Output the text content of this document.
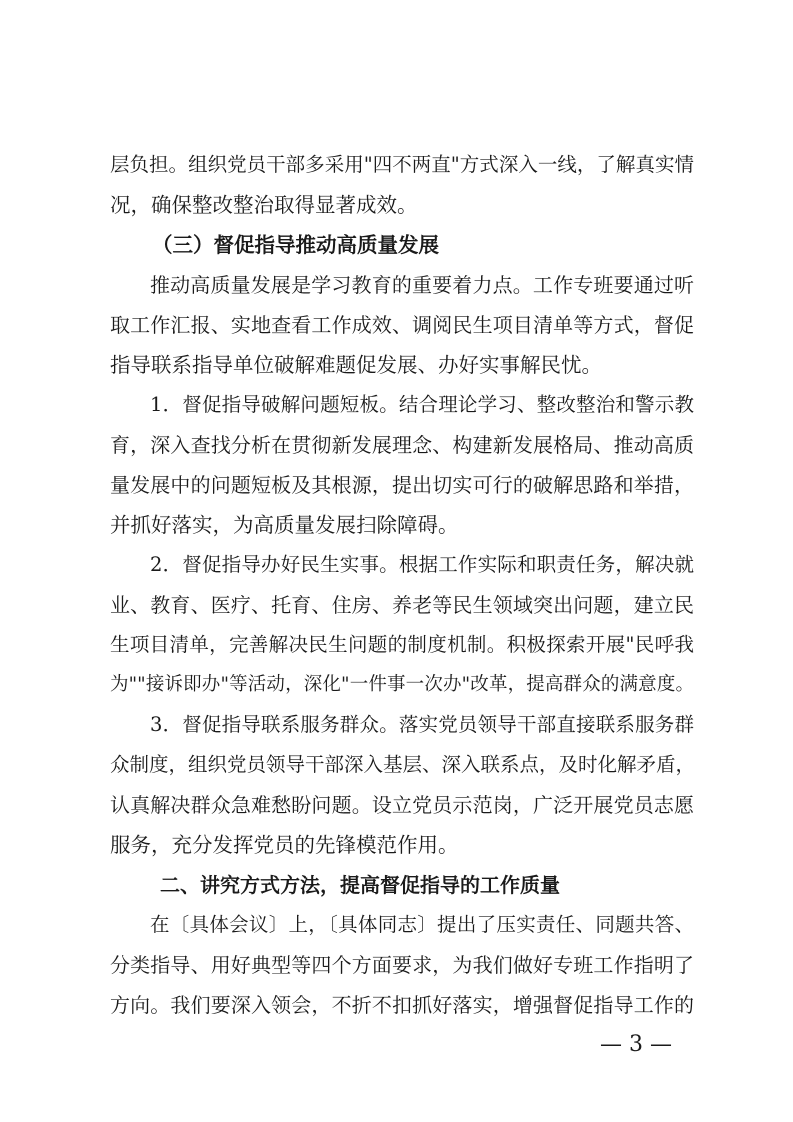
层负担。组织党员干部多采用"四不两直"方式深入一线，了解真实情
况，确保整改整治取得显著成效。
（三）督促指导推动高质量发展
推动高质量发展是学习教育的重要着力点。工作专班要通过听
取工作汇报、实地查看工作成效、调阅民生项目清单等方式，督促
指导联系指导单位破解难题促发展、办好实事解民忧。
1．督促指导破解问题短板。结合理论学习、整改整治和警示教
育，深入查找分析在贯彻新发展理念、构建新发展格局、推动高质
量发展中的问题短板及其根源，提出切实可行的破解思路和举措，
并抓好落实，为高质量发展扫除障碍。
2．督促指导办好民生实事。根据工作实际和职责任务，解决就
业、教育、医疗、托育、住房、养老等民生领域突出问题，建立民
生项目清单，完善解决民生问题的制度机制。积极探索开展"民呼我
为""接诉即办"等活动，深化"一件事一次办"改革，提高群众的满意度。
3．督促指导联系服务群众。落实党员领导干部直接联系服务群
众制度，组织党员领导干部深入基层、深入联系点，及时化解矛盾，
认真解决群众急难愁盼问题。设立党员示范岗，广泛开展党员志愿
服务，充分发挥党员的先锋模范作用。
二、讲究方式方法，提高督促指导的工作质量
在〔具体会议〕上，〔具体同志〕提出了压实责任、同题共答、
分类指导、用好典型等四个方面要求，为我们做好专班工作指明了
方向。我们要深入领会，不折不扣抓好落实，增强督促指导工作的
— 3 —
